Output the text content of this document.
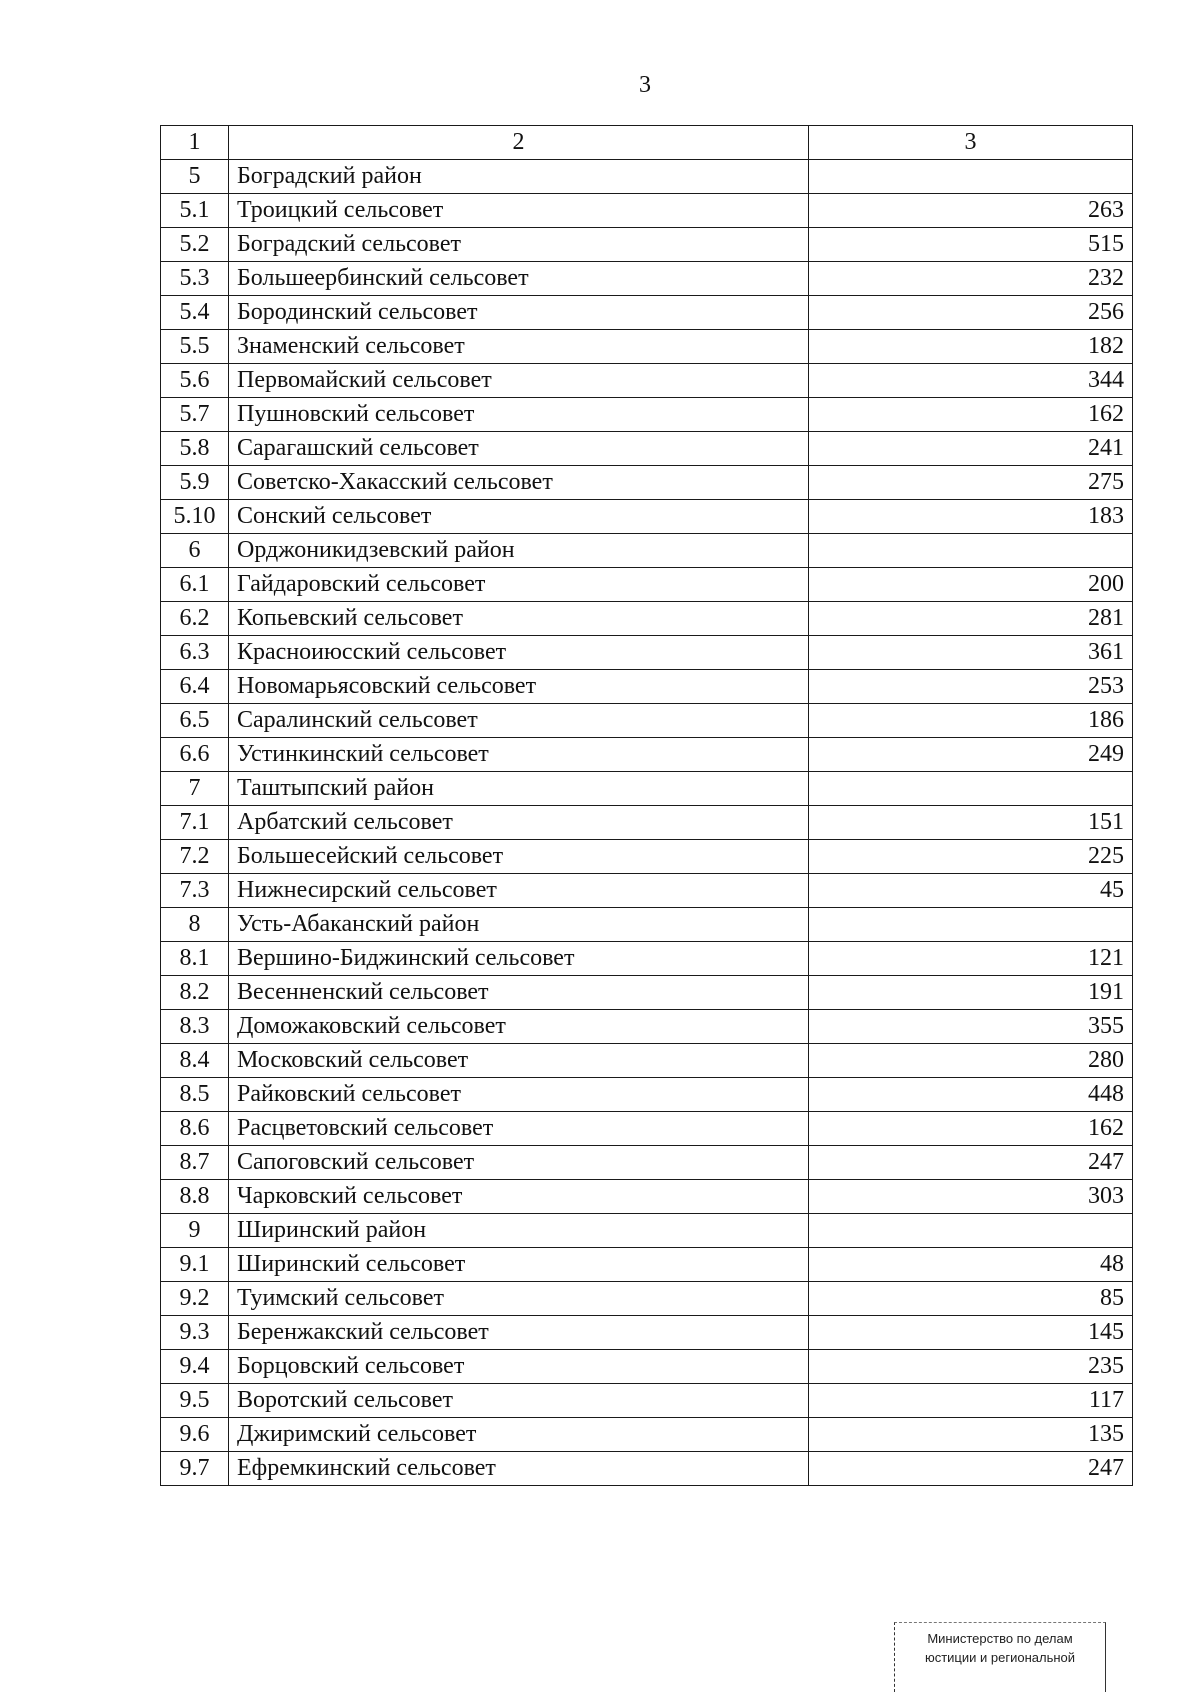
3
1	2	3
5	Боградский район	
5.1	Троицкий сельсовет	263
5.2	Боградский сельсовет	515
5.3	Большеербинский сельсовет	232
5.4	Бородинский сельсовет	256
5.5	Знаменский сельсовет	182
5.6	Первомайский сельсовет	344
5.7	Пушновский сельсовет	162
5.8	Сарагашский сельсовет	241
5.9	Советско-Хакасский сельсовет	275
5.10	Сонский сельсовет	183
6	Орджоникидзевский район	
6.1	Гайдаровский сельсовет	200
6.2	Копьевский сельсовет	281
6.3	Красноиюсский сельсовет	361
6.4	Новомарьясовский сельсовет	253
6.5	Саралинский сельсовет	186
6.6	Устинкинский сельсовет	249
7	Таштыпский район	
7.1	Арбатский сельсовет	151
7.2	Большесейский сельсовет	225
7.3	Нижнесирский сельсовет	45
8	Усть-Абаканский район	
8.1	Вершино-Биджинский сельсовет	121
8.2	Весенненский сельсовет	191
8.3	Доможаковский сельсовет	355
8.4	Московский сельсовет	280
8.5	Райковский сельсовет	448
8.6	Расцветовский сельсовет	162
8.7	Сапоговский сельсовет	247
8.8	Чарковский сельсовет	303
9	Ширинский район	
9.1	Ширинский сельсовет	48
9.2	Туимский сельсовет	85
9.3	Беренжакский сельсовет	145
9.4	Борцовский сельсовет	235
9.5	Воротский сельсовет	117
9.6	Джиримский сельсовет	135
9.7	Ефремкинский сельсовет	247
Министерство по делам
юстиции и региональной
